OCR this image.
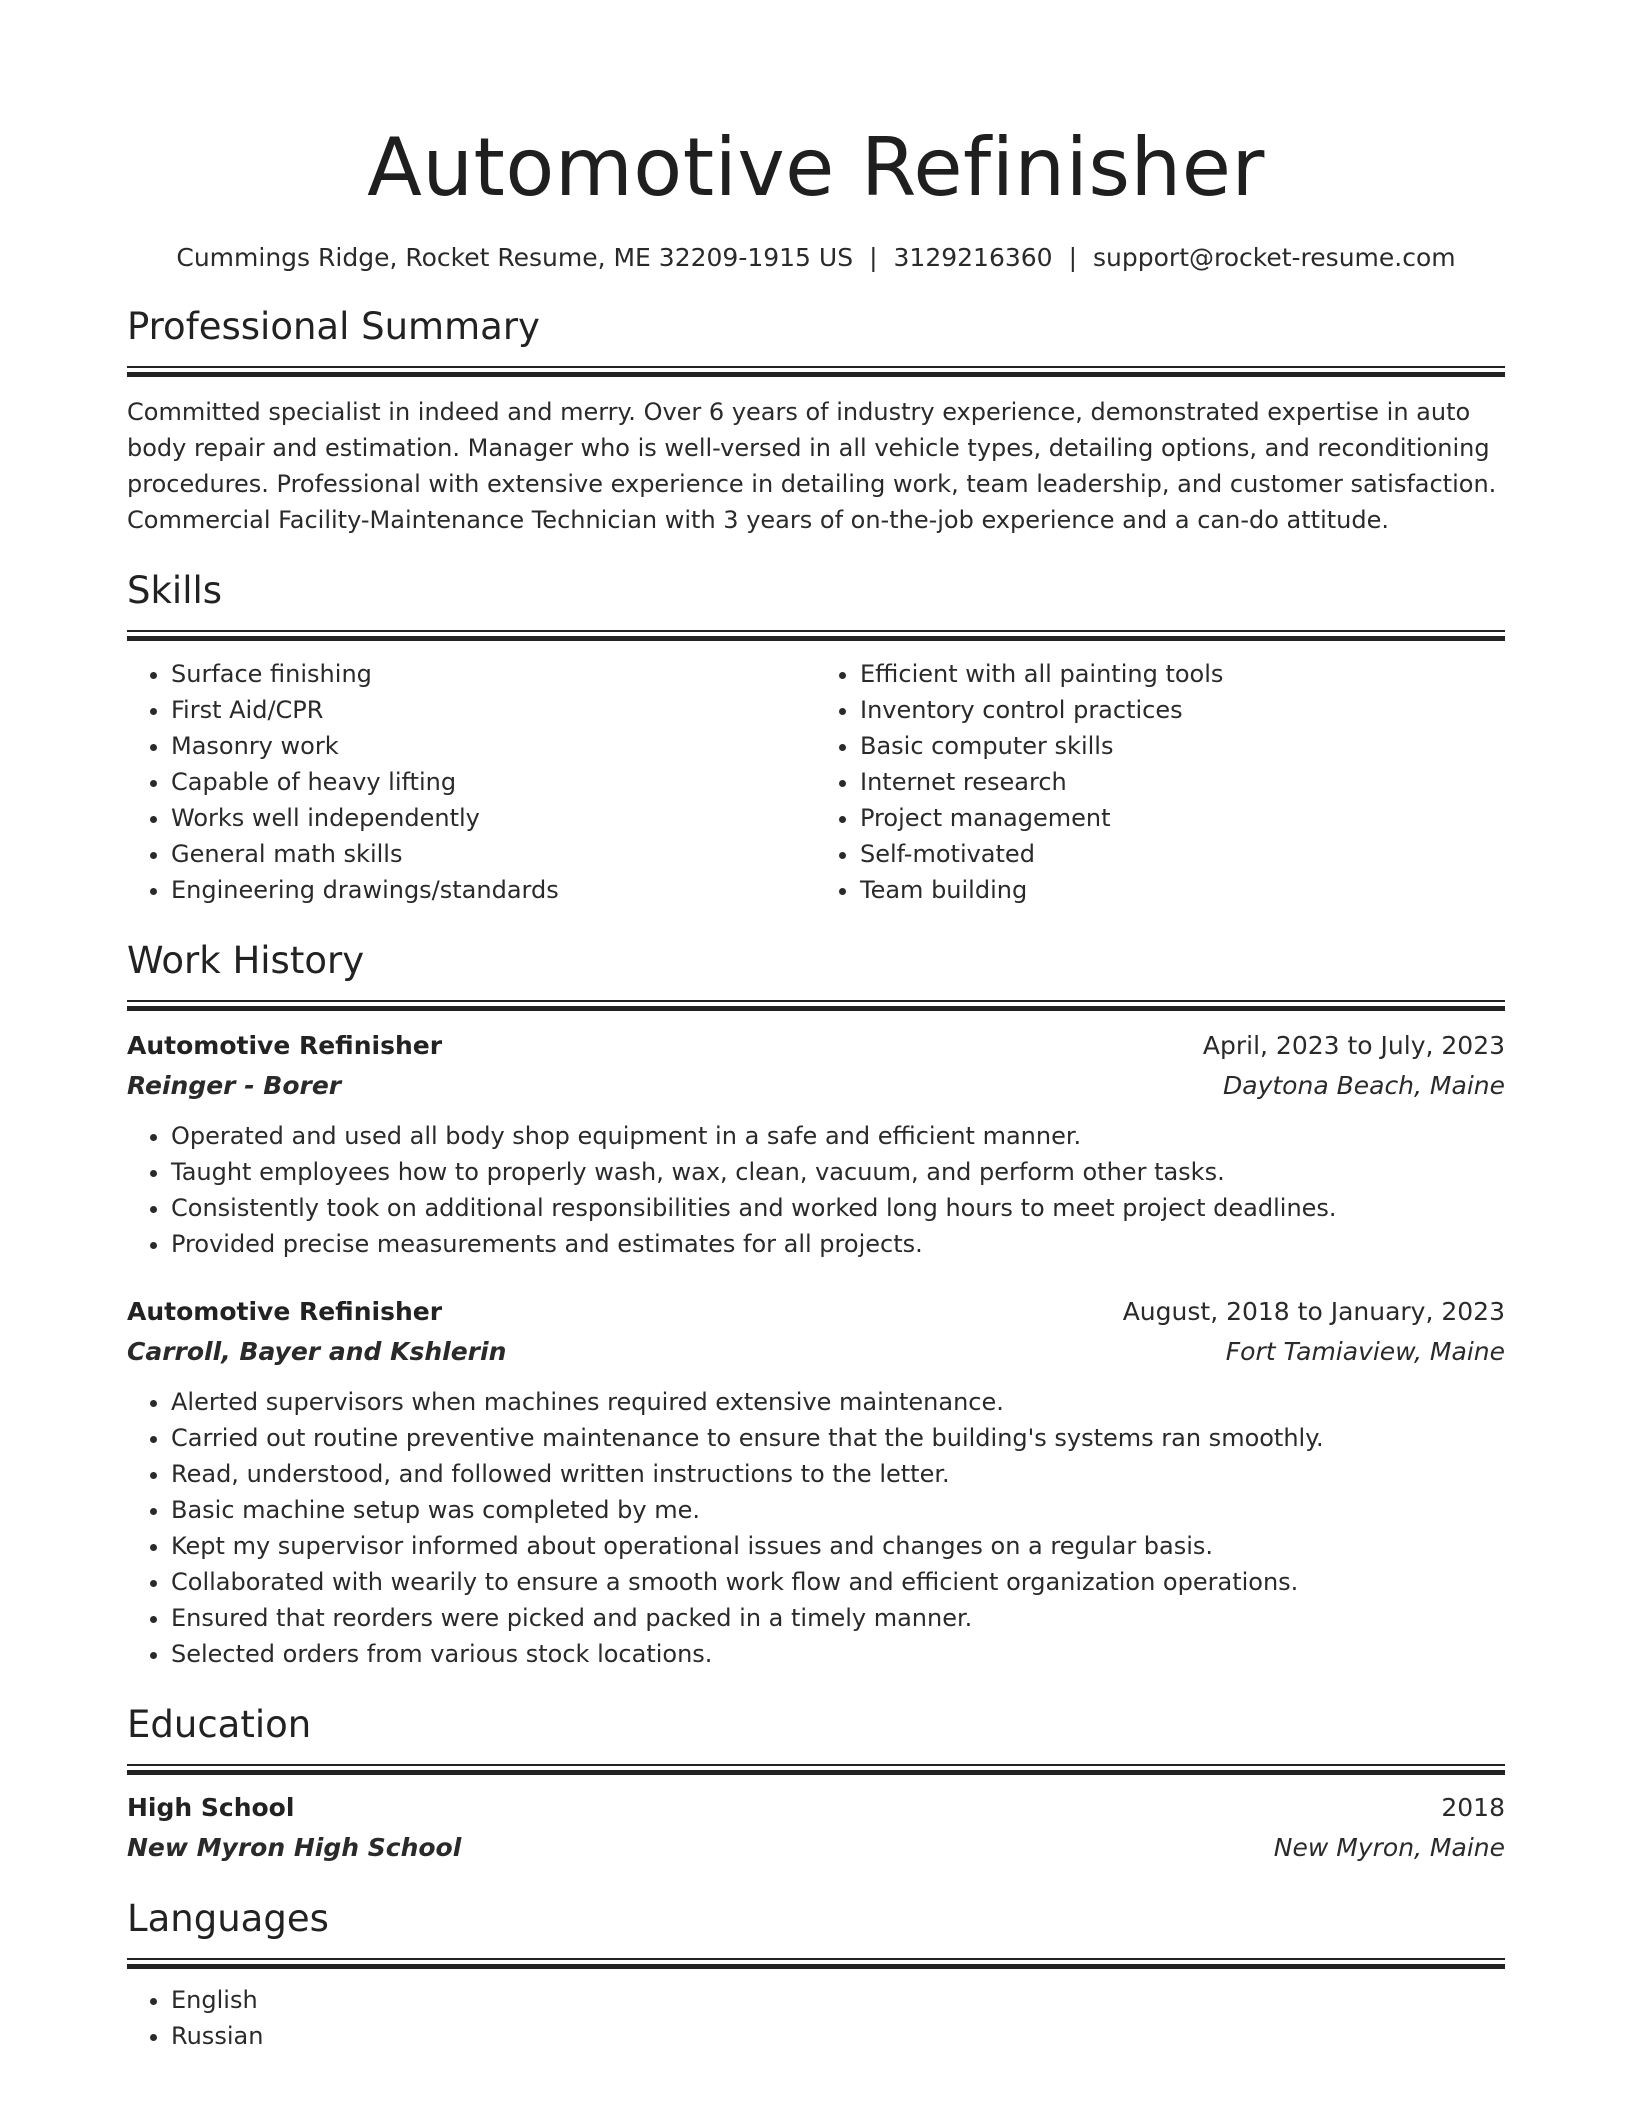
Automotive Refinisher
Cummings Ridge, Rocket Resume, ME 32209-1915 US | 3129216360 | support@rocket-resume.com
Professional Summary
Committed specialist in indeed and merry. Over 6 years of industry experience, demonstrated expertise in auto body repair and estimation. Manager who is well-versed in all vehicle types, detailing options, and reconditioning procedures. Professional with extensive experience in detailing work, team leadership, and customer satisfaction. Commercial Facility-Maintenance Technician with 3 years of on-the-job experience and a can-do attitude.
Skills
• Surface finishing
• First Aid/CPR
• Masonry work
• Capable of heavy lifting
• Works well independently
• General math skills
• Engineering drawings/standards
• Efficient with all painting tools
• Inventory control practices
• Basic computer skills
• Internet research
• Project management
• Self-motivated
• Team building
Work History
Automotive Refinisher	April, 2023 to July, 2023
Reinger - Borer	Daytona Beach, Maine
• Operated and used all body shop equipment in a safe and efficient manner.
• Taught employees how to properly wash, wax, clean, vacuum, and perform other tasks.
• Consistently took on additional responsibilities and worked long hours to meet project deadlines.
• Provided precise measurements and estimates for all projects.
Automotive Refinisher	August, 2018 to January, 2023
Carroll, Bayer and Kshlerin	Fort Tamiaview, Maine
• Alerted supervisors when machines required extensive maintenance.
• Carried out routine preventive maintenance to ensure that the building's systems ran smoothly.
• Read, understood, and followed written instructions to the letter.
• Basic machine setup was completed by me.
• Kept my supervisor informed about operational issues and changes on a regular basis.
• Collaborated with wearily to ensure a smooth work flow and efficient organization operations.
• Ensured that reorders were picked and packed in a timely manner.
• Selected orders from various stock locations.
Education
High School	2018
New Myron High School	New Myron, Maine
Languages
• English
• Russian
